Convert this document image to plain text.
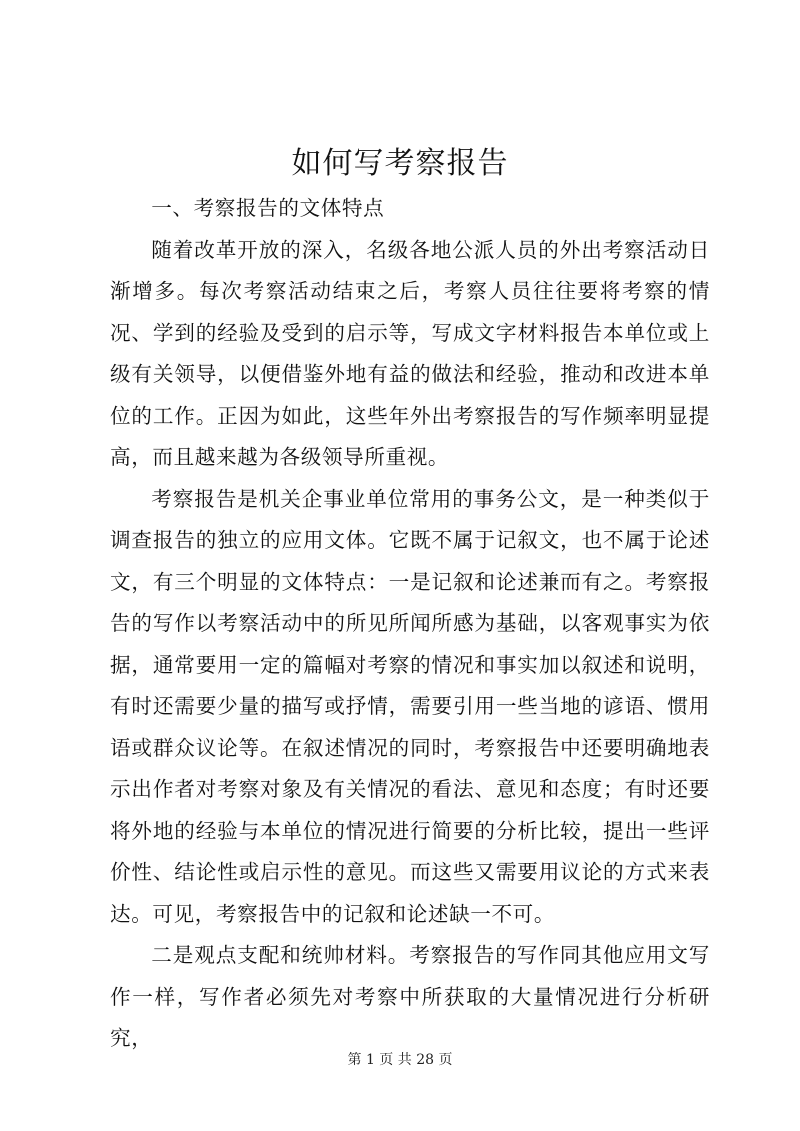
如何写考察报告

一、考察报告的文体特点

随着改革开放的深入，名级各地公派人员的外出考察活动日渐增多。每次考察活动结束之后，考察人员往往要将考察的情况、学到的经验及受到的启示等，写成文字材料报告本单位或上级有关领导，以便借鉴外地有益的做法和经验，推动和改进本单位的工作。正因为如此，这些年外出考察报告的写作频率明显提高，而且越来越为各级领导所重视。

考察报告是机关企事业单位常用的事务公文，是一种类似于调查报告的独立的应用文体。它既不属于记叙文，也不属于论述文，有三个明显的文体特点：一是记叙和论述兼而有之。考察报告的写作以考察活动中的所见所闻所感为基础，以客观事实为依据，通常要用一定的篇幅对考察的情况和事实加以叙述和说明，有时还需要少量的描写或抒情，需要引用一些当地的谚语、惯用语或群众议论等。在叙述情况的同时，考察报告中还要明确地表示出作者对考察对象及有关情况的看法、意见和态度；有时还要将外地的经验与本单位的情况进行简要的分析比较，提出一些评价性、结论性或启示性的意见。而这些又需要用议论的方式来表达。可见，考察报告中的记叙和论述缺一不可。

二是观点支配和统帅材料。考察报告的写作同其他应用文写作一样，写作者必须先对考察中所获取的大量情况进行分析研究，

第 1 页 共 28 页
